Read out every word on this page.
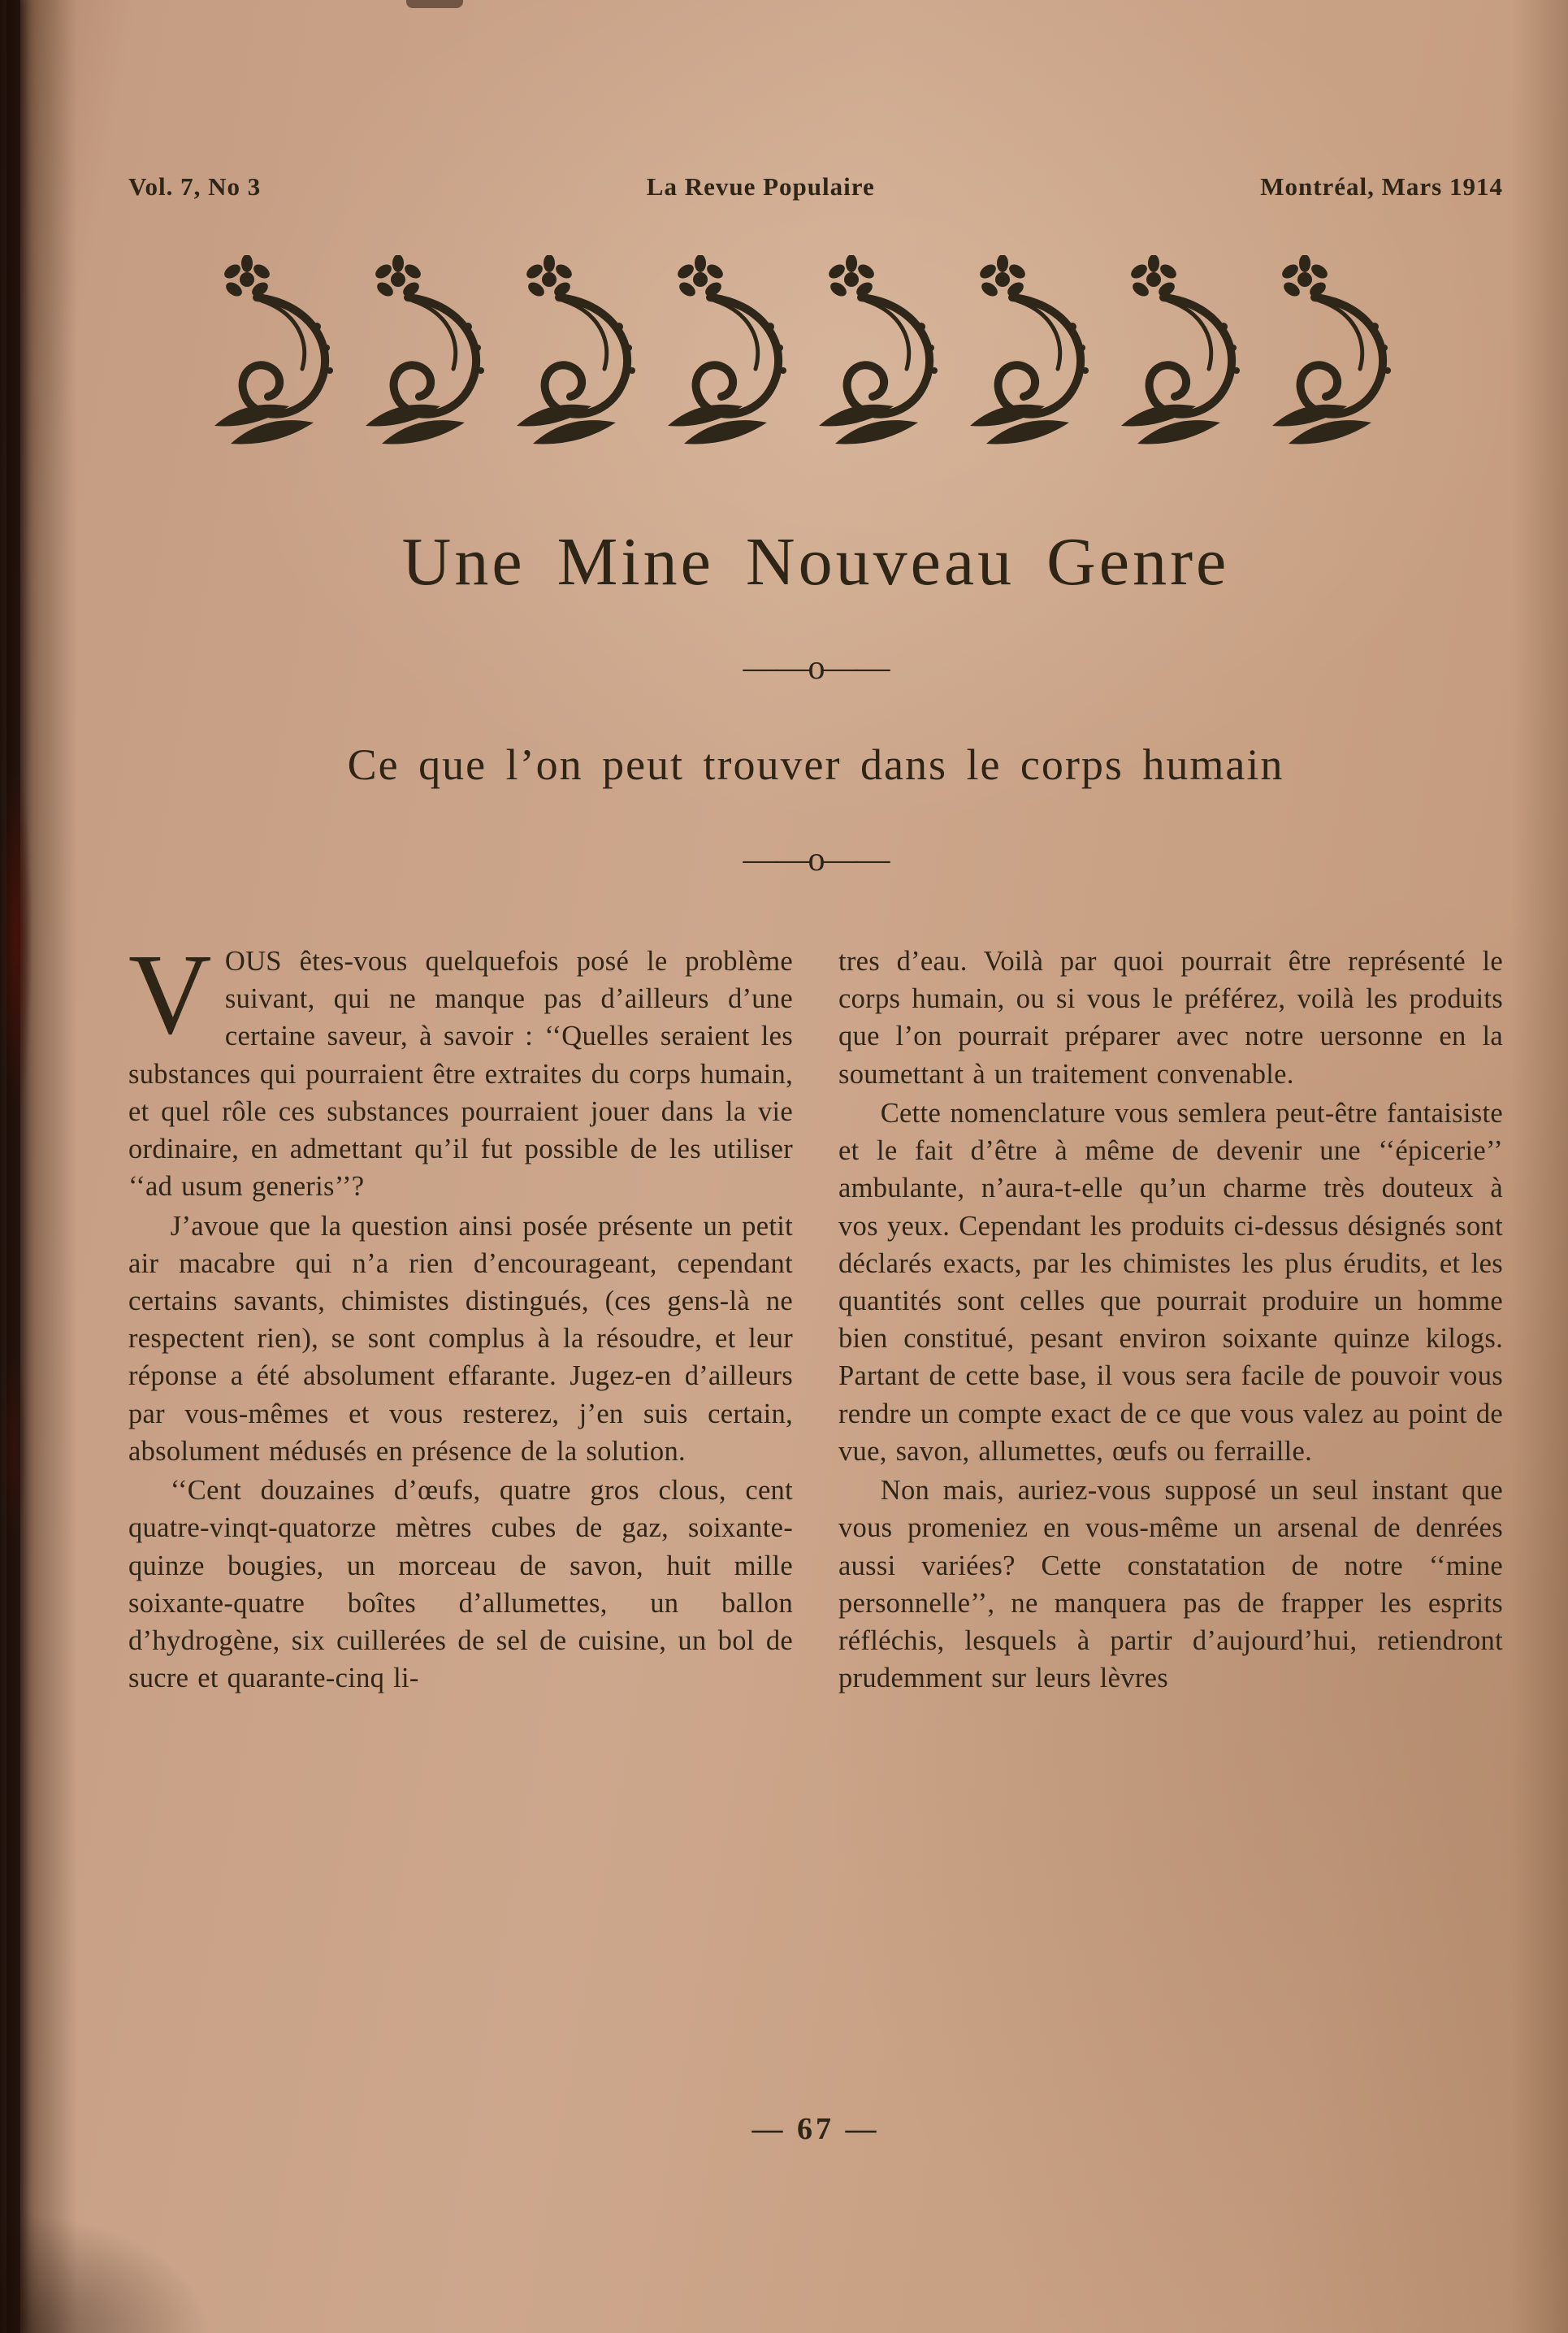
Vol. 7, No 3	La Revue Populaire	Montréal, Mars 1914
Une Mine Nouveau Genre
——o——
Ce que l’on peut trouver dans le corps humain
——o——

VOUS êtes-vous quelquefois posé le problème suivant, qui ne manque pas d’ailleurs d’une certaine saveur, à savoir : ‘‘Quelles seraient les substances qui pourraient être extraites du corps humain, et quel rôle ces substances pourraient jouer dans la vie ordinaire, en admettant qu’il fut possible de les utiliser ‘‘ad usum generis’’?

J’avoue que la question ainsi posée présente un petit air macabre qui n’a rien d’encourageant, cependant certains savants, chimistes distingués, (ces gens-là ne respectent rien), se sont complus à la résoudre, et leur réponse a été absolument effarante. Jugez-en d’ailleurs par vous-mêmes et vous resterez, j’en suis certain, absolument médusés en présence de la solution.

‘‘Cent douzaines d’œufs, quatre gros clous, cent quatre-vinqt-quatorze mètres cubes de gaz, soixante-quinze bougies, un morceau de savon, huit mille soixante-quatre boîtes d’allumettes, un ballon d’hydrogène, six cuillerées de sel de cuisine, un bol de sucre et quarante-cinq li-

tres d’eau. Voilà par quoi pourrait être représenté le corps humain, ou si vous le préférez, voilà les produits que l’on pourrait préparer avec notre uersonne en la soumettant à un traitement convenable.

Cette nomenclature vous semlera peut-être fantaisiste et le fait d’être à même de devenir une ‘‘épicerie’’ ambulante, n’aura-t-elle qu’un charme très douteux à vos yeux. Cependant les produits ci-dessus désignés sont déclarés exacts, par les chimistes les plus érudits, et les quantités sont celles que pourrait produire un homme bien constitué, pesant environ soixante quinze kilogs. Partant de cette base, il vous sera facile de pouvoir vous rendre un compte exact de ce que vous valez au point de vue, savon, allumettes, œufs ou ferraille.

Non mais, auriez-vous supposé un seul instant que vous promeniez en vous-même un arsenal de denrées aussi variées? Cette constatation de notre ‘‘mine personnelle’’, ne manquera pas de frapper les esprits réfléchis, lesquels à partir d’aujourd’hui, retiendront prudemment sur leurs lèvres

— 67 —
